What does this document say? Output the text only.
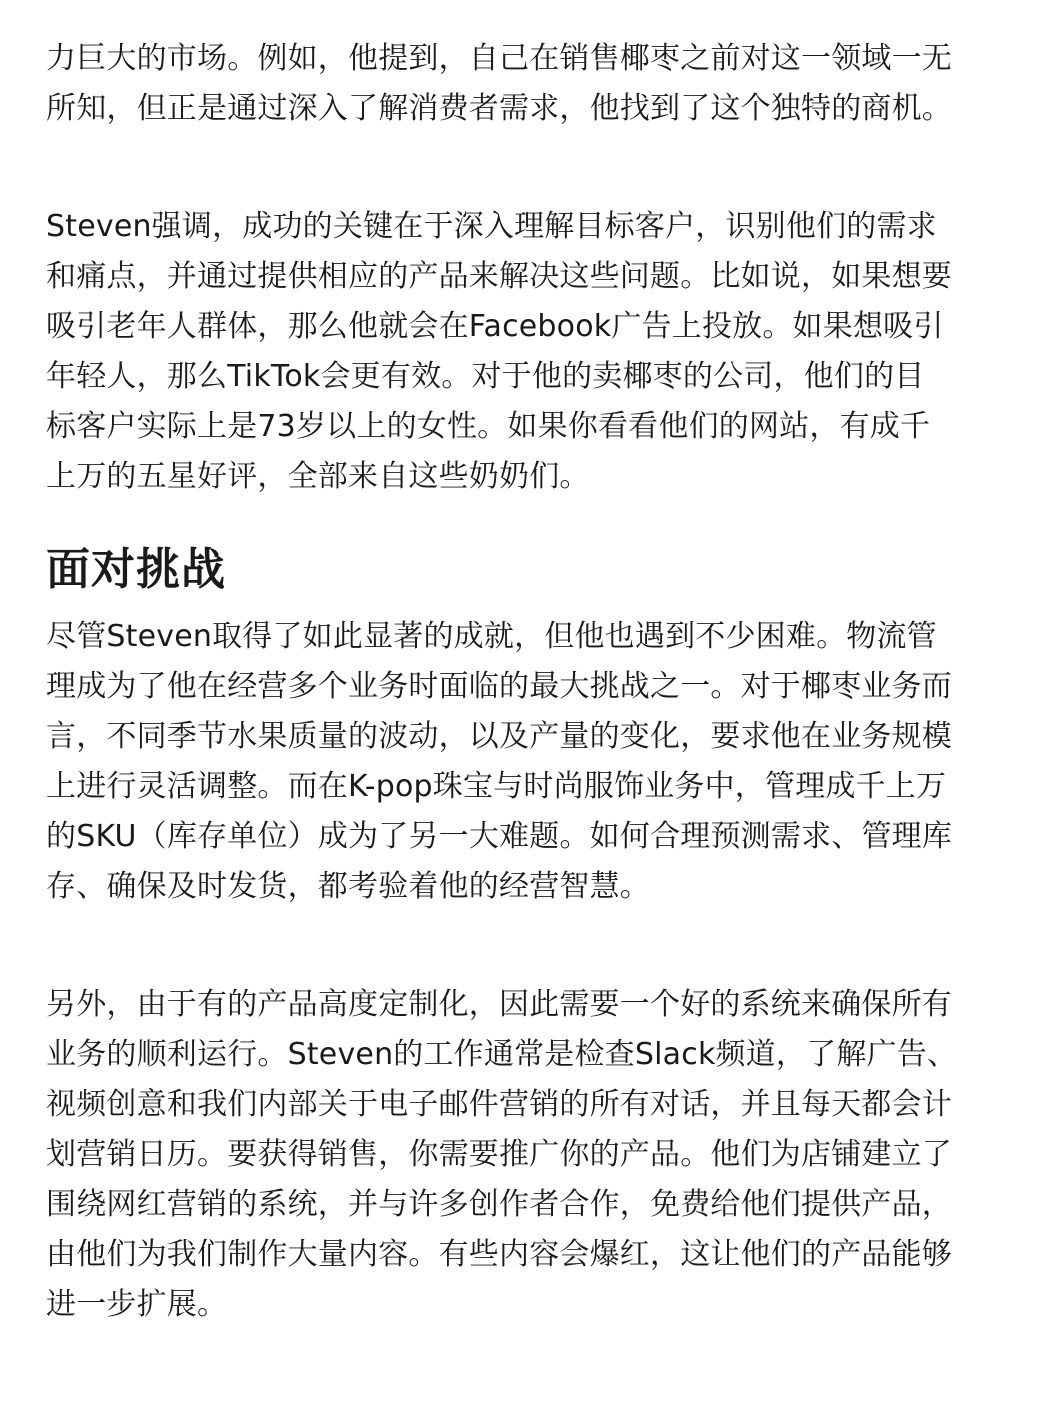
力巨大的市场。例如，他提到，自己在销售椰枣之前对这一领域一无
所知，但正是通过深入了解消费者需求，他找到了这个独特的商机。
Steven强调，成功的关键在于深入理解目标客户，识别他们的需求
和痛点，并通过提供相应的产品来解决这些问题。比如说，如果想要
吸引老年人群体，那么他就会在Facebook广告上投放。如果想吸引
年轻人，那么TikTok会更有效。对于他的卖椰枣的公司，他们的目
标客户实际上是73岁以上的女性。如果你看看他们的网站，有成千
上万的五星好评，全部来自这些奶奶们。
面对挑战
尽管Steven取得了如此显著的成就，但他也遇到不少困难。物流管
理成为了他在经营多个业务时面临的最大挑战之一。对于椰枣业务而
言，不同季节水果质量的波动，以及产量的变化，要求他在业务规模
上进行灵活调整。而在K-pop珠宝与时尚服饰业务中，管理成千上万
的SKU（库存单位）成为了另一大难题。如何合理预测需求、管理库
存、确保及时发货，都考验着他的经营智慧。
另外，由于有的产品高度定制化，因此需要一个好的系统来确保所有
业务的顺利运行。Steven的工作通常是检查Slack频道，了解广告、
视频创意和我们内部关于电子邮件营销的所有对话，并且每天都会计
划营销日历。要获得销售，你需要推广你的产品。他们为店铺建立了
围绕网红营销的系统，并与许多创作者合作，免费给他们提供产品，
由他们为我们制作大量内容。有些内容会爆红，这让他们的产品能够
进一步扩展。
